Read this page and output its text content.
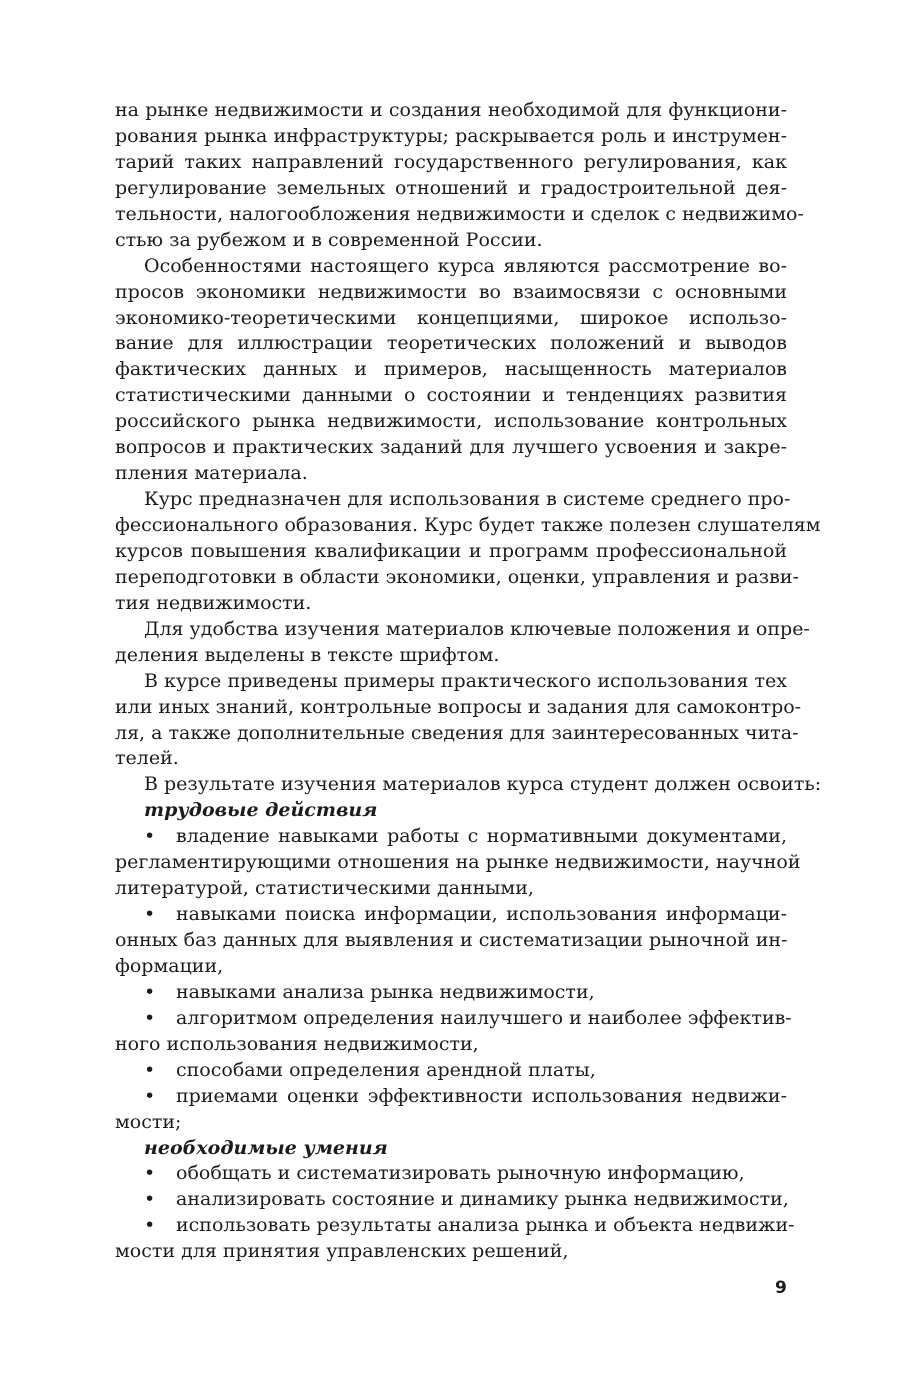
на рынке недвижимости и создания необходимой для функциони-
рования рынка инфраструктуры; раскрывается роль и инструмен-
тарий таких направлений государственного регулирования, как
регулирование земельных отношений и градостроительной дея-
тельности, налогообложения недвижимости и сделок с недвижимо-
стью за рубежом и в современной России.
Особенностями настоящего курса являются рассмотрение во-
просов экономики недвижимости во взаимосвязи с основными
экономико-теоретическими концепциями, широкое использо-
вание для иллюстрации теоретических положений и выводов
фактических данных и примеров, насыщенность материалов
статистическими данными о состоянии и тенденциях развития
российского рынка недвижимости, использование контрольных
вопросов и практических заданий для лучшего усвоения и закре-
пления материала.
Курс предназначен для использования в системе среднего про-
фессионального образования. Курс будет также полезен слушателям
курсов повышения квалификации и программ профессиональной
переподготовки в области экономики, оценки, управления и разви-
тия недвижимости.
Для удобства изучения материалов ключевые положения и опре-
деления выделены в тексте шрифтом.
В курсе приведены примеры практического использования тех
или иных знаний, контрольные вопросы и задания для самоконтро-
ля, а также дополнительные сведения для заинтересованных чита-
телей.
В результате изучения материалов курса студент должен освоить:
трудовые действия
• владение навыками работы с нормативными документами,
регламентирующими отношения на рынке недвижимости, научной
литературой, статистическими данными,
• навыками поиска информации, использования информаци-
онных баз данных для выявления и систематизации рыночной ин-
формации,
• навыками анализа рынка недвижимости,
• алгоритмом определения наилучшего и наиболее эффектив-
ного использования недвижимости,
• способами определения арендной платы,
• приемами оценки эффективности использования недвижи-
мости;
необходимые умения
• обобщать и систематизировать рыночную информацию,
• анализировать состояние и динамику рынка недвижимости,
• использовать результаты анализа рынка и объекта недвижи-
мости для принятия управленских решений,
9
